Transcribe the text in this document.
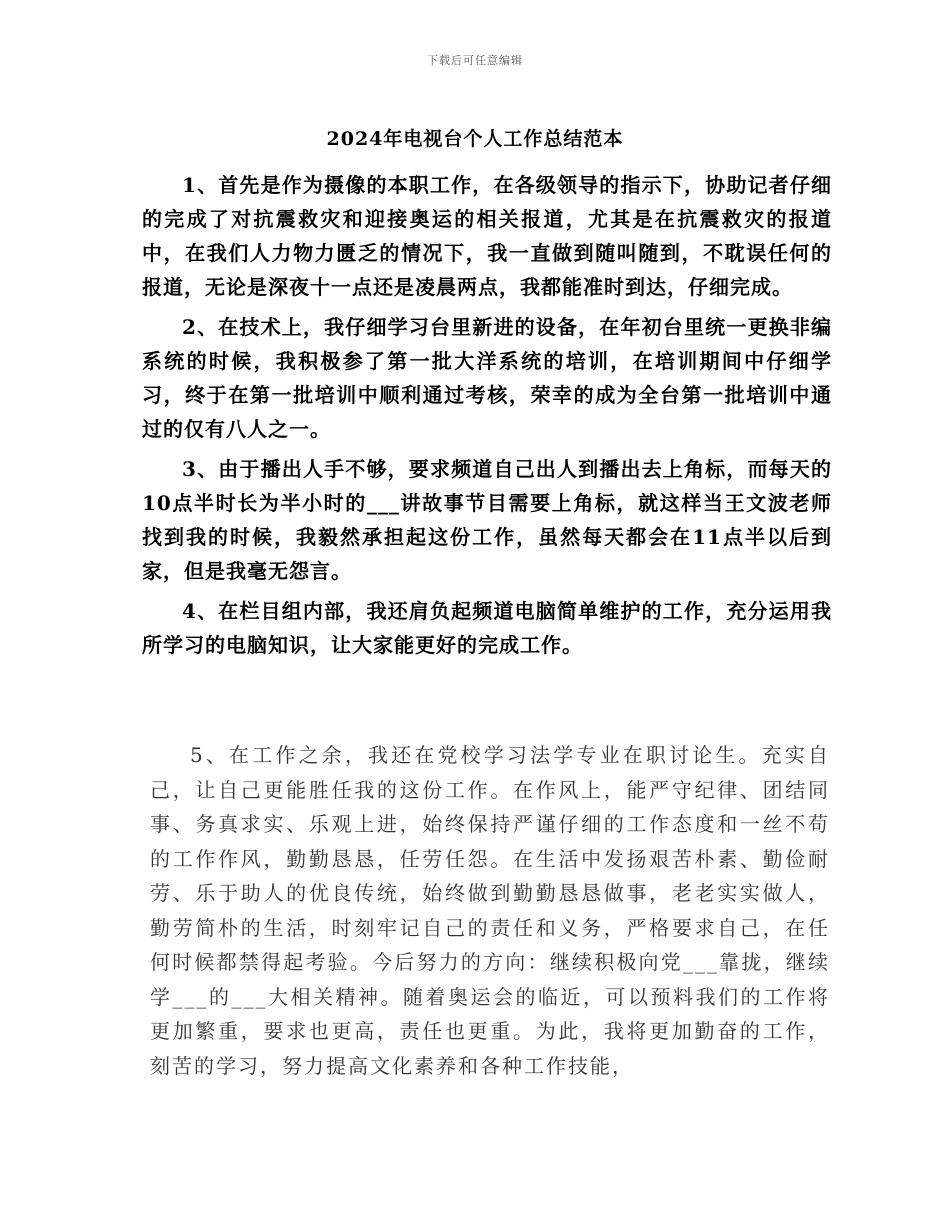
下载后可任意编辑
2024年电视台个人工作总结范本

1、首先是作为摄像的本职工作，在各级领导的指示下，协助记者仔细的完成了对抗震救灾和迎接奥运的相关报道，尤其是在抗震救灾的报道中，在我们人力物力匮乏的情况下，我一直做到随叫随到，不耽误任何的报道，无论是深夜十一点还是凌晨两点，我都能准时到达，仔细完成。

2、在技术上，我仔细学习台里新进的设备，在年初台里统一更换非编系统的时候，我积极参了第一批大洋系统的培训，在培训期间中仔细学习，终于在第一批培训中顺利通过考核，荣幸的成为全台第一批培训中通过的仅有八人之一。

3、由于播出人手不够，要求频道自己出人到播出去上角标，而每天的10点半时长为半小时的___讲故事节目需要上角标，就这样当王文波老师找到我的时候，我毅然承担起这份工作，虽然每天都会在11点半以后到家，但是我毫无怨言。

4、在栏目组内部，我还肩负起频道电脑简单维护的工作，充分运用我所学习的电脑知识，让大家能更好的完成工作。

5、在工作之余，我还在党校学习法学专业在职讨论生。充实自己，让自己更能胜任我的这份工作。在作风上，能严守纪律、团结同事、务真求实、乐观上进，始终保持严谨仔细的工作态度和一丝不苟的工作作风，勤勤恳恳，任劳任怨。在生活中发扬艰苦朴素、勤俭耐劳、乐于助人的优良传统，始终做到勤勤恳恳做事，老老实实做人，勤劳简朴的生活，时刻牢记自己的责任和义务，严格要求自己，在任何时候都禁得起考验。今后努力的方向：继续积极向党___靠拢，继续学___的___大相关精神。随着奥运会的临近，可以预料我们的工作将更加繁重，要求也更高，责任也更重。为此，我将更加勤奋的工作，刻苦的学习，努力提高文化素养和各种工作技能，
